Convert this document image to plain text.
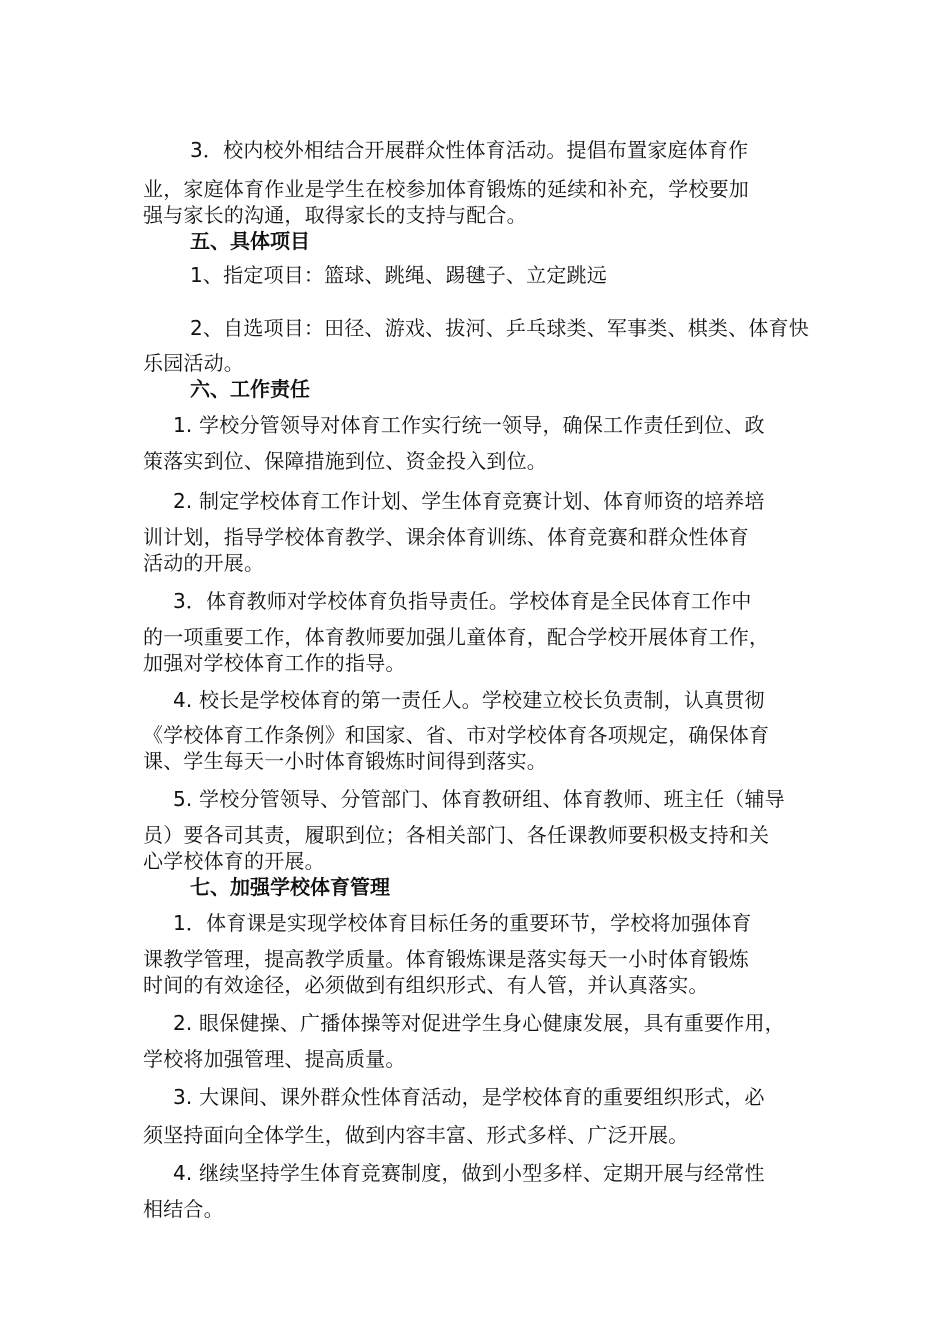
3．校内校外相结合开展群众性体育活动。提倡布置家庭体育作
业，家庭体育作业是学生在校参加体育锻炼的延续和补充，学校要加
强与家长的沟通，取得家长的支持与配合。
五、具体项目
1、指定项目：篮球、跳绳、踢毽子、立定跳远
2、自选项目：田径、游戏、拔河、乒乓球类、军事类、棋类、体育快
乐园活动。
六、工作责任
1. 学校分管领导对体育工作实行统一领导，确保工作责任到位、政
策落实到位、保障措施到位、资金投入到位。
2. 制定学校体育工作计划、学生体育竞赛计划、体育师资的培养培
训计划，指导学校体育教学、课余体育训练、体育竞赛和群众性体育
活动的开展。
3．体育教师对学校体育负指导责任。学校体育是全民体育工作中
的一项重要工作，体育教师要加强儿童体育，配合学校开展体育工作，
加强对学校体育工作的指导。
4. 校长是学校体育的第一责任人。学校建立校长负责制，认真贯彻
《学校体育工作条例》和国家、省、市对学校体育各项规定，确保体育
课、学生每天一小时体育锻炼时间得到落实。
5. 学校分管领导、分管部门、体育教研组、体育教师、班主任（辅导
员）要各司其责，履职到位；各相关部门、各任课教师要积极支持和关
心学校体育的开展。
七、加强学校体育管理
1．体育课是实现学校体育目标任务的重要环节，学校将加强体育
课教学管理，提高教学质量。体育锻炼课是落实每天一小时体育锻炼
时间的有效途径，必须做到有组织形式、有人管，并认真落实。
2. 眼保健操、广播体操等对促进学生身心健康发展，具有重要作用，
学校将加强管理、提高质量。
3. 大课间、课外群众性体育活动，是学校体育的重要组织形式，必
须坚持面向全体学生，做到内容丰富、形式多样、广泛开展。
4. 继续坚持学生体育竞赛制度，做到小型多样、定期开展与经常性
相结合。
